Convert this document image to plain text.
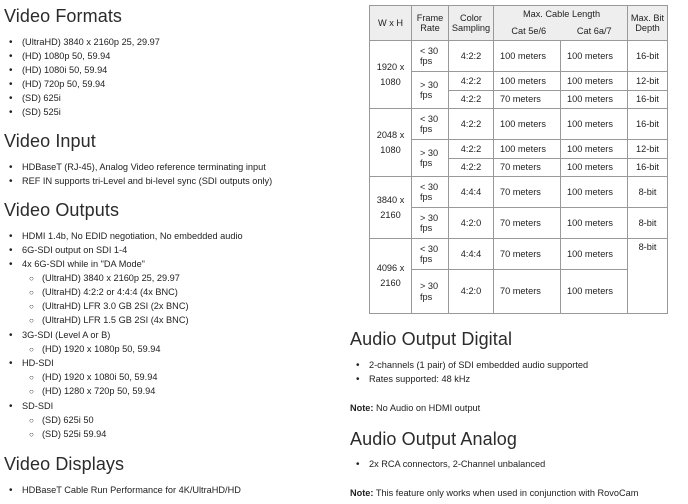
Video Formats
• (UltraHD) 3840 x 2160p 25, 29.97
• (HD) 1080p 50, 59.94
• (HD) 1080i 50, 59.94
• (HD) 720p 50, 59.94
• (SD) 625i
• (SD) 525i
Video Input
• HDBaseT (RJ-45), Analog Video reference terminating input
• REF IN supports tri-Level and bi-level sync (SDI outputs only)
Video Outputs
• HDMI 1.4b, No EDID negotiation, No embedded audio
• 6G-SDI output on SDI 1-4
• 4x 6G-SDI while in "DA Mode"
○ (UltraHD) 3840 x 2160p 25, 29.97
○ (UltraHD) 4:2:2 or 4:4:4 (4x BNC)
○ (UltraHD) LFR 3.0 GB 2SI (2x BNC)
○ (UltraHD) LFR 1.5 GB 2SI (4x BNC)
• 3G-SDI (Level A or B)
○ (HD) 1920 x 1080p 50, 59.94
• HD-SDI
○ (HD) 1920 x 1080i 50, 59.94
○ (HD) 1280 x 720p 50, 59.94
• SD-SDI
○ (SD) 625i 50
○ (SD) 525i 59.94
Video Displays
• HDBaseT Cable Run Performance for 4K/UltraHD/HD
W x H	Frame Rate	Color Sampling	Max. Cable Length
Cat 5e/6 Cat 6a/7		Max. Bit Depth
1920 x 1080	< 30 fps	4:2:2	100 meters	100 meters	16-bit
	> 30 fps	4:2:2	100 meters	100 meters	12-bit
		4:2:2	70 meters	100 meters	16-bit
2048 x 1080	< 30 fps	4:2:2	100 meters	100 meters	16-bit
	> 30 fps	4:2:2	100 meters	100 meters	12-bit
		4:2:2	70 meters	100 meters	16-bit
3840 x 2160	< 30 fps	4:4:4	70 meters	100 meters	8-bit
	> 30 fps	4:2:0	70 meters	100 meters	8-bit
4096 x 2160	< 30 fps	4:4:4	70 meters	100 meters	8-bit
	> 30 fps	4:2:0	70 meters	100 meters	
Audio Output Digital
• 2-channels (1 pair) of SDI embedded audio supported
• Rates supported: 48 kHz
Note: No Audio on HDMI output
Audio Output Analog
• 2x RCA connectors, 2-Channel unbalanced
Note: This feature only works when used in conjunction with RovoCam
